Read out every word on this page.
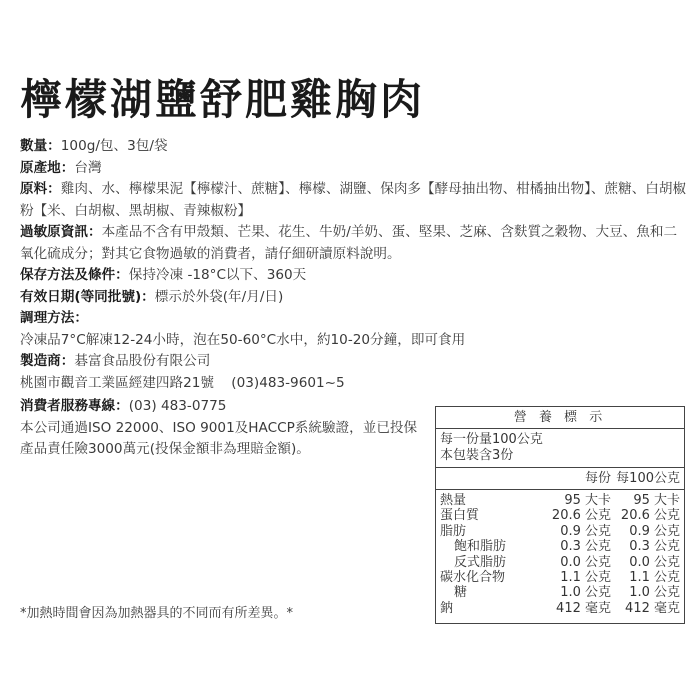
檸檬湖鹽舒肥雞胸肉
數量：100g/包、3包/袋
原產地：台灣
原料：雞肉、水、檸檬果泥【檸檬汁、蔗糖】、檸檬、湖鹽、保肉多【酵母抽出物、柑橘抽出物】、蔗糖、白胡椒粉【米、白胡椒、黑胡椒、青辣椒粉】
過敏原資訊：本產品不含有甲殼類、芒果、花生、牛奶/羊奶、蛋、堅果、芝麻、含麩質之穀物、大豆、魚和二氧化硫成分；對其它食物過敏的消費者，請仔細研讀原料說明。
保存方法及條件：保持冷凍 -18°C以下、360天
有效日期(等同批號)：標示於外袋(年/月/日)
調理方法：
冷凍品7°C解凍12-24小時，泡在50-60°C水中，約10-20分鐘，即可食用
製造商：碁富食品股份有限公司
桃園市觀音工業區經建四路21號    (03)483-9601~5
消費者服務專線：(03) 483-0775
本公司通過ISO 22000、ISO 9001及HACCP系統驗證，並已投保產品責任險3000萬元(投保金額非為理賠金額)。
*加熱時間會因為加熱器具的不同而有所差異。*
營 養 標 示
每一份量100公克
本包裝含3份
每份 每100公克
熱量	95 大卡	95 大卡
蛋白質	20.6 公克 20.6 公克
脂肪	0.9 公克	0.9 公克
飽和脂肪	0.3 公克	0.3 公克
反式脂肪	0.0 公克	0.0 公克
碳水化合物	1.1 公克	1.1 公克
糖	1.0 公克	1.0 公克
鈉	412 毫克	412 毫克
